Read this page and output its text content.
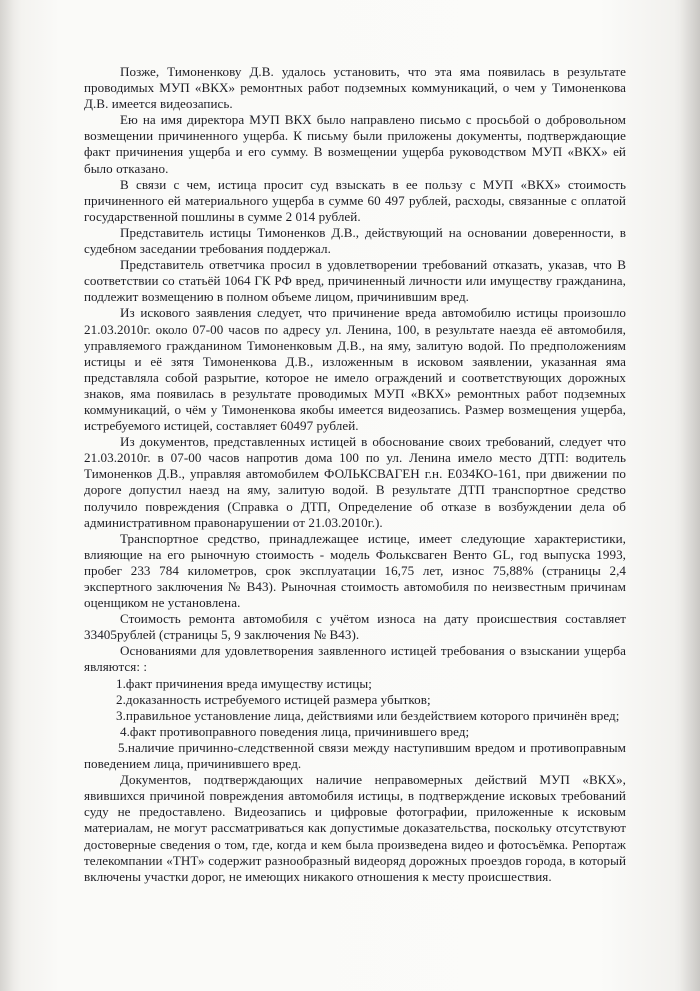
Позже, Тимоненкову Д.В. удалось установить, что эта яма появилась в результате проводимых МУП «ВКХ» ремонтных работ подземных коммуникаций, о чем у Тимоненкова Д.В. имеется видеозапись.

Ею на имя директора МУП ВКХ было направлено письмо с просьбой о добровольном возмещении причиненного ущерба. К письму были приложены документы, подтверждающие факт причинения ущерба и его сумму. В возмещении ущерба руководством МУП «ВКХ» ей было отказано.

В связи с чем, истица просит суд взыскать в ее пользу с МУП «ВКХ» стоимость причиненного ей материального ущерба в сумме 60 497 рублей, расходы, связанные с оплатой государственной пошлины в сумме 2 014 рублей.

Представитель истицы Тимоненков Д.В., действующий на основании доверенности, в судебном заседании требования поддержал.

Представитель ответчика просил в удовлетворении требований отказать, указав, что В соответствии со статьёй 1064 ГК РФ вред, причиненный личности или имуществу гражданина, подлежит возмещению в полном объеме лицом, причинившим вред.

Из искового заявления следует, что причинение вреда автомобилю истицы произошло 21.03.2010г. около 07-00 часов по адресу ул. Ленина, 100, в результате наезда её автомобиля, управляемого гражданином Тимоненковым Д.В., на яму, залитую водой. По предположениям истицы и её зятя Тимоненкова Д.В., изложенным в исковом заявлении, указанная яма представляла собой разрытие, которое не имело ограждений и соответствующих дорожных знаков, яма появилась в результате проводимых МУП «ВКХ» ремонтных работ подземных коммуникаций, о чём у Тимоненкова якобы имеется видеозапись. Размер возмещения ущерба, истребуемого истицей, составляет 60497 рублей.

Из документов, представленных истицей в обоснование своих требований, следует что 21.03.2010г. в 07-00 часов напротив дома 100 по ул. Ленина имело место ДТП: водитель Тимоненков Д.В., управляя автомобилем ФОЛЬКСВАГЕН г.н. Е034КО-161, при движении по дороге допустил наезд на яму, залитую водой. В результате ДТП транспортное средство получило повреждения (Справка о ДТП, Определение об отказе в возбуждении дела об административном правонарушении от 21.03.2010г.).

Транспортное средство, принадлежащее истице, имеет следующие характеристики, влияющие на его рыночную стоимость - модель Фольксваген Венто GL, год выпуска 1993, пробег 233 784 километров, срок эксплуатации 16,75 лет, износ 75,88% (страницы 2,4 экспертного заключения № В43). Рыночная стоимость автомобиля по неизвестным причинам оценщиком не установлена.

Стоимость ремонта автомобиля с учётом износа на дату происшествия составляет 33405рублей (страницы 5, 9 заключения № В43).

Основаниями для удовлетворения заявленного истицей требования о взыскании ущерба являются: :

1.факт причинения вреда имуществу истицы;

2.доказанность истребуемого истицей размера убытков;

3.правильное установление лица, действиями или бездействием которого причинён вред;

4.факт противоправного поведения лица, причинившего вред;

5.наличие причинно-следственной связи между наступившим вредом и противоправным поведением лица, причинившего вред.

Документов, подтверждающих наличие неправомерных действий МУП «ВКХ», явившихся причиной повреждения автомобиля истицы, в подтверждение исковых требований суду не предоставлено. Видеозапись и цифровые фотографии, приложенные к исковым материалам, не могут рассматриваться как допустимые доказательства, поскольку отсутствуют достоверные сведения о том, где, когда и кем была произведена видео и фотосъёмка. Репортаж телекомпании «ТНТ» содержит разнообразный видеоряд дорожных проездов города, в который включены участки дорог, не имеющих никакого отношения к месту происшествия.
